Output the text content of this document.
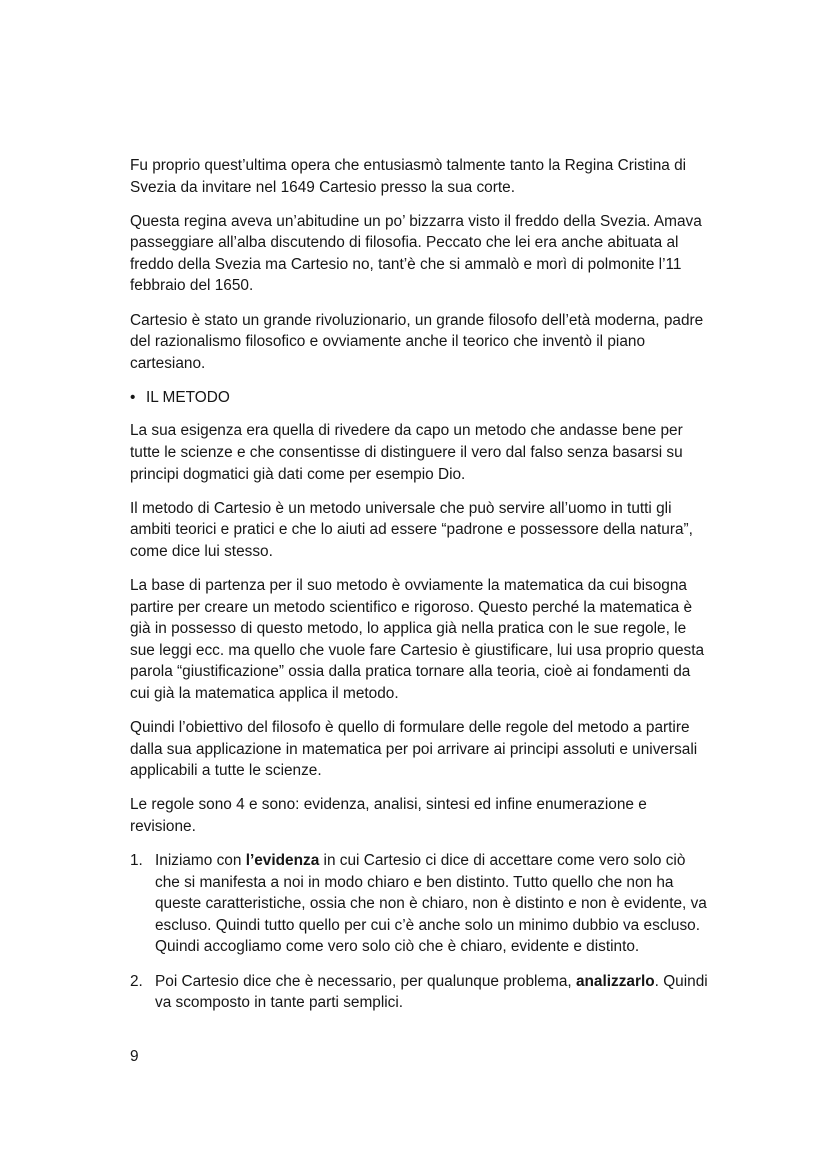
Fu proprio quest’ultima opera che entusiasmò talmente tanto la Regina Cristina di Svezia da invitare nel 1649 Cartesio presso la sua corte.

Questa regina aveva un’abitudine un po’ bizzarra visto il freddo della Svezia. Amava passeggiare all’alba discutendo di filosofia. Peccato che lei era anche abituata al freddo della Svezia ma Cartesio no, tant’è che si ammalò e morì di polmonite l’11 febbraio del 1650.

Cartesio è stato un grande rivoluzionario, un grande filosofo dell’età moderna, padre del razionalismo filosofico e ovviamente anche il teorico che inventò il piano cartesiano.

• IL METODO

La sua esigenza era quella di rivedere da capo un metodo che andasse bene per tutte le scienze e che consentisse di distinguere il vero dal falso senza basarsi su principi dogmatici già dati come per esempio Dio.

Il metodo di Cartesio è un metodo universale che può servire all’uomo in tutti gli ambiti teorici e pratici e che lo aiuti ad essere “padrone e possessore della natura”, come dice lui stesso.

La base di partenza per il suo metodo è ovviamente la matematica da cui bisogna partire per creare un metodo scientifico e rigoroso. Questo perché la matematica è già in possesso di questo metodo, lo applica già nella pratica con le sue regole, le sue leggi ecc. ma quello che vuole fare Cartesio è giustificare, lui usa proprio questa parola “giustificazione” ossia dalla pratica tornare alla teoria, cioè ai fondamenti da cui già la matematica applica il metodo.

Quindi l’obiettivo del filosofo è quello di formulare delle regole del metodo a partire dalla sua applicazione in matematica per poi arrivare ai principi assoluti e universali applicabili a tutte le scienze.

Le regole sono 4 e sono: evidenza, analisi, sintesi ed infine enumerazione e revisione.

1. Iniziamo con l’evidenza in cui Cartesio ci dice di accettare come vero solo ciò che si manifesta a noi in modo chiaro e ben distinto. Tutto quello che non ha queste caratteristiche, ossia che non è chiaro, non è distinto e non è evidente, va escluso. Quindi tutto quello per cui c’è anche solo un minimo dubbio va escluso. Quindi accogliamo come vero solo ciò che è chiaro, evidente e distinto.
2. Poi Cartesio dice che è necessario, per qualunque problema, analizzarlo. Quindi va scomposto in tante parti semplici.
9
